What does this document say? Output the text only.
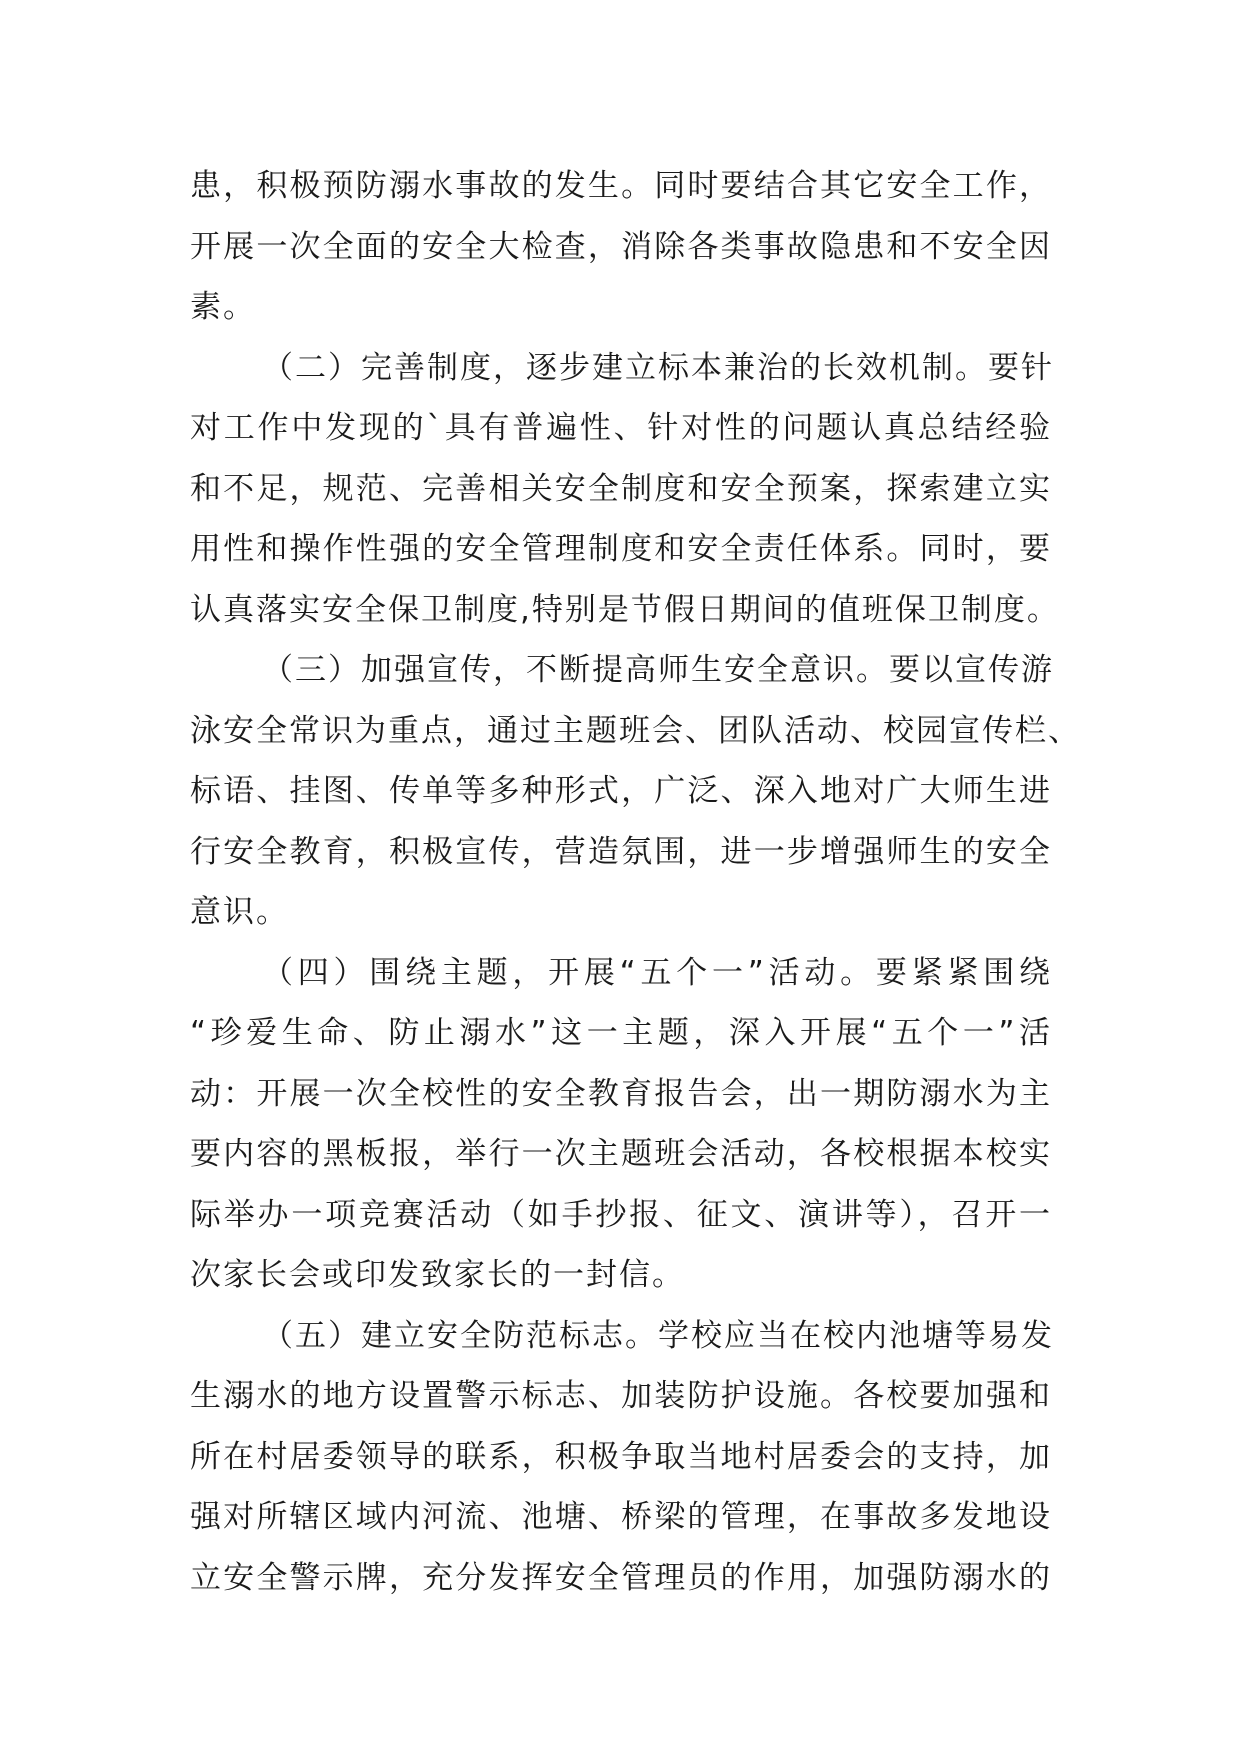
患，积极预防溺水事故的发生。同时要结合其它安全工作，
开展一次全面的安全大检查，消除各类事故隐患和不安全因
素。
（二）完善制度，逐步建立标本兼治的长效机制。要针
对工作中发现的`具有普遍性、针对性的问题认真总结经验
和不足，规范、完善相关安全制度和安全预案，探索建立实
用性和操作性强的安全管理制度和安全责任体系。同时，要
认真落实安全保卫制度,特别是节假日期间的值班保卫制度。
（三）加强宣传，不断提高师生安全意识。要以宣传游
泳安全常识为重点，通过主题班会、团队活动、校园宣传栏、
标语、挂图、传单等多种形式，广泛、深入地对广大师生进
行安全教育，积极宣传，营造氛围，进一步增强师生的安全
意识。
（四）围绕主题，开展“五个一”活动。要紧紧围绕
“珍爱生命、防止溺水”这一主题，深入开展“五个一”活
动：开展一次全校性的安全教育报告会，出一期防溺水为主
要内容的黑板报，举行一次主题班会活动，各校根据本校实
际举办一项竞赛活动（如手抄报、征文、演讲等），召开一
次家长会或印发致家长的一封信。
（五）建立安全防范标志。学校应当在校内池塘等易发
生溺水的地方设置警示标志、加装防护设施。各校要加强和
所在村居委领导的联系，积极争取当地村居委会的支持，加
强对所辖区域内河流、池塘、桥梁的管理，在事故多发地设
立安全警示牌，充分发挥安全管理员的作用，加强防溺水的
